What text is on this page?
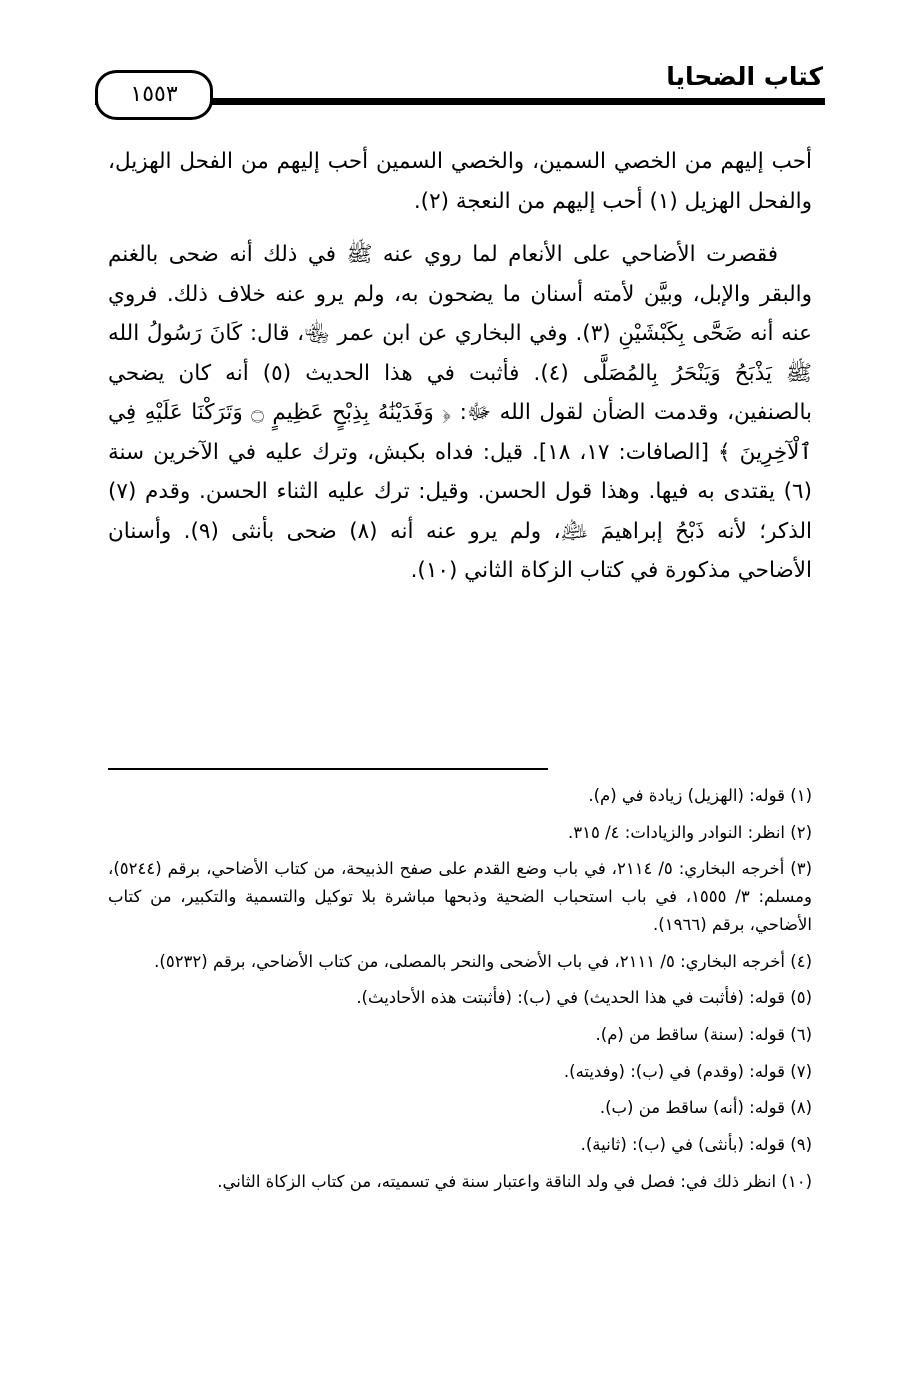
١٥٥٣
كتاب الضحايا

أحب إليهم من الخصي السمين، والخصي السمين أحب إليهم من الفحل الهزيل، والفحل الهزيل (١) أحب إليهم من النعجة (٢).

فقصرت الأضاحي على الأنعام لما روي عنه ﷺ في ذلك أنه ضحى بالغنم والبقر والإبل، وبيَّن لأمته أسنان ما يضحون به، ولم يرو عنه خلاف ذلك. فروي عنه أنه ضَحَّى بِكَبْشَيْنِ (٣). وفي البخاري عن ابن عمر ﵄، قال: كَانَ رَسُولُ الله ﷺ يَذْبَحُ وَيَنْحَرُ بِالمُصَلَّى (٤). فأثبت في هذا الحديث (٥) أنه كان يضحي بالصنفين، وقدمت الضأن لقول الله ﷻ: ﴿ وَفَدَيْنَٰهُ بِذِبْحٍ عَظِيمٍ ۝ وَتَرَكْنَا عَلَيْهِ فِي ٱلْآخِرِينَ ﴾ [الصافات: ١٧، ١٨]. قيل: فداه بكبش، وترك عليه في الآخرين سنة (٦) يقتدى به فيها. وهذا قول الحسن. وقيل: ترك عليه الثناء الحسن. وقدم (٧) الذكر؛ لأنه ذَبْحُ إبراهيمَ ﵇، ولم يرو عنه أنه (٨) ضحى بأنثى (٩). وأسنان الأضاحي مذكورة في كتاب الزكاة الثاني (١٠).

(١) قوله: (الهزيل) زيادة في (م).

(٢) انظر: النوادر والزيادات: ٤/ ٣١٥.

(٣) أخرجه البخاري: ٥/ ٢١١٤، في باب وضع القدم على صفح الذبيحة، من كتاب الأضاحي، برقم (٥٢٤٤)، ومسلم: ٣/ ١٥٥٥، في باب استحباب الضحية وذبحها مباشرة بلا توكيل والتسمية والتكبير، من كتاب الأضاحي، برقم (١٩٦٦).

(٤) أخرجه البخاري: ٥/ ٢١١١، في باب الأضحى والنحر بالمصلى، من كتاب الأضاحي، برقم (٥٢٣٢).

(٥) قوله: (فأثبت في هذا الحديث) في (ب): (فأثبتت هذه الأحاديث).

(٦) قوله: (سنة) ساقط من (م).

(٧) قوله: (وقدم) في (ب): (وفديته).

(٨) قوله: (أنه) ساقط من (ب).

(٩) قوله: (بأنثى) في (ب): (ثانية).

(١٠) انظر ذلك في: فصل في ولد الناقة واعتبار سنة في تسميته، من كتاب الزكاة الثاني.
